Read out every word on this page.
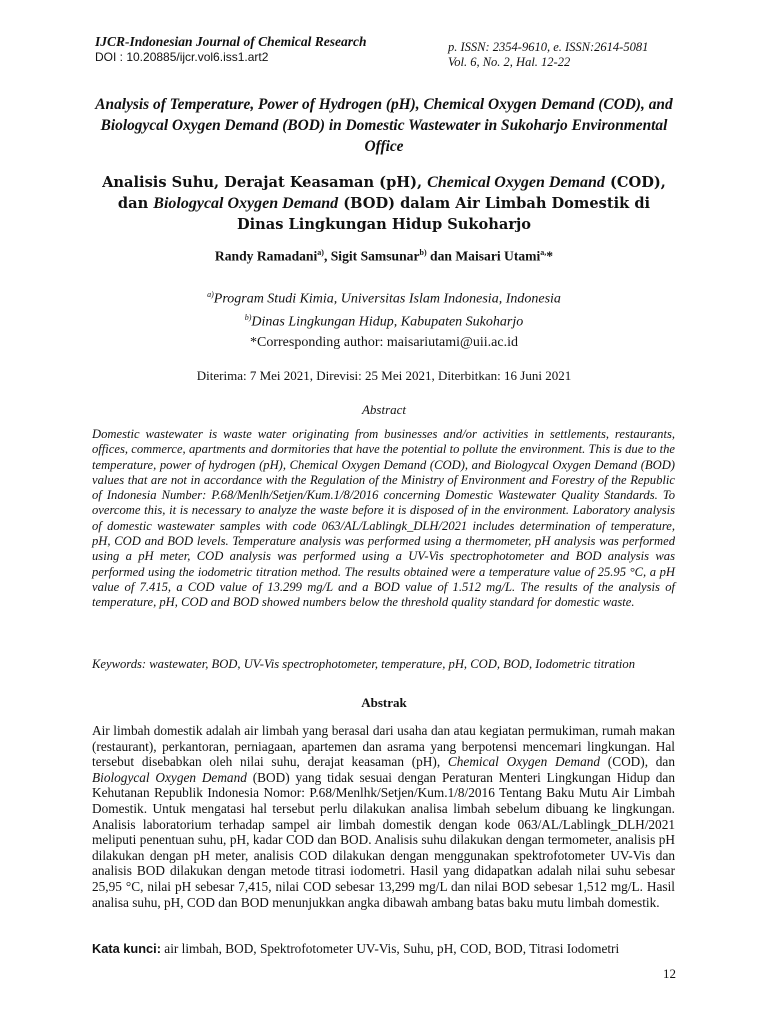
IJCR-Indonesian Journal of Chemical Research
DOI : 10.20885/ijcr.vol6.iss1.art2
p. ISSN: 2354-9610, e. ISSN:2614-5081
Vol. 6, No. 2, Hal. 12-22
Analysis of Temperature, Power of Hydrogen (pH), Chemical Oxygen Demand (COD), and Biologycal Oxygen Demand (BOD) in Domestic Wastewater in Sukoharjo Environmental Office
Analisis Suhu, Derajat Keasaman (pH), Chemical Oxygen Demand (COD), dan Biologycal Oxygen Demand (BOD) dalam Air Limbah Domestik di Dinas Lingkungan Hidup Sukoharjo
Randy Ramadani$^{a)}$, Sigit Samsunar$^{b)}$ dan Maisari Utami$^{a,}$*
$^{a)}$Program Studi Kimia, Universitas Islam Indonesia, Indonesia
$^{b)}$Dinas Lingkungan Hidup, Kabupaten Sukoharjo
*Corresponding author: maisariutami@uii.ac.id
Diterima: 7 Mei 2021, Direvisi: 25 Mei 2021, Diterbitkan: 16 Juni 2021
Abstract

Domestic wastewater is waste water originating from businesses and/or activities in settlements, restaurants, offices, commerce, apartments and dormitories that have the potential to pollute the environment. This is due to the temperature, power of hydrogen (pH), Chemical Oxygen Demand (COD), and Biologycal Oxygen Demand (BOD) values that are not in accordance with the Regulation of the Ministry of Environment and Forestry of the Republic of Indonesia Number: P.68/Menlh/Setjen/Kum.1/8/2016 concerning Domestic Wastewater Quality Standards. To overcome this, it is necessary to analyze the waste before it is disposed of in the environment. Laboratory analysis of domestic wastewater samples with code 063/AL/Lablingk_DLH/2021 includes determination of temperature, pH, COD and BOD levels. Temperature analysis was performed using a thermometer, pH analysis was performed using a pH meter, COD analysis was performed using a UV-Vis spectrophotometer and BOD analysis was performed using the iodometric titration method. The results obtained were a temperature value of 25.95 °C, a pH value of 7.415, a COD value of 13.299 mg/L and a BOD value of 1.512 mg/L. The results of the analysis of temperature, pH, COD and BOD showed numbers below the threshold quality standard for domestic waste.

Keywords: wastewater, BOD, UV-Vis spectrophotometer, temperature, pH, COD, BOD, Iodometric titration

Abstrak

Air limbah domestik adalah air limbah yang berasal dari usaha dan atau kegiatan permukiman, rumah makan (restaurant), perkantoran, perniagaan, apartemen dan asrama yang berpotensi mencemari lingkungan. Hal tersebut disebabkan oleh nilai suhu, derajat keasaman (pH), Chemical Oxygen Demand (COD), dan Biologycal Oxygen Demand (BOD) yang tidak sesuai dengan Peraturan Menteri Lingkungan Hidup dan Kehutanan Republik Indonesia Nomor: P.68/Menlhk/Setjen/Kum.1/8/2016 Tentang Baku Mutu Air Limbah Domestik. Untuk mengatasi hal tersebut perlu dilakukan analisa limbah sebelum dibuang ke lingkungan. Analisis laboratorium terhadap sampel air limbah domestik dengan kode 063/AL/Lablingk_DLH/2021 meliputi penentuan suhu, pH, kadar COD dan BOD. Analisis suhu dilakukan dengan termometer, analisis pH dilakukan dengan pH meter, analisis COD dilakukan dengan menggunakan spektrofotometer UV-Vis dan analisis BOD dilakukan dengan metode titrasi iodometri. Hasil yang didapatkan adalah nilai suhu sebesar 25,95 °C, nilai pH sebesar 7,415, nilai COD sebesar 13,299 mg/L dan nilai BOD sebesar 1,512 mg/L. Hasil analisa suhu, pH, COD dan BOD menunjukkan angka dibawah ambang batas baku mutu limbah domestik.

Kata kunci: air limbah, BOD, Spektrofotometer UV-Vis, Suhu, pH, COD, BOD, Titrasi Iodometri
12
